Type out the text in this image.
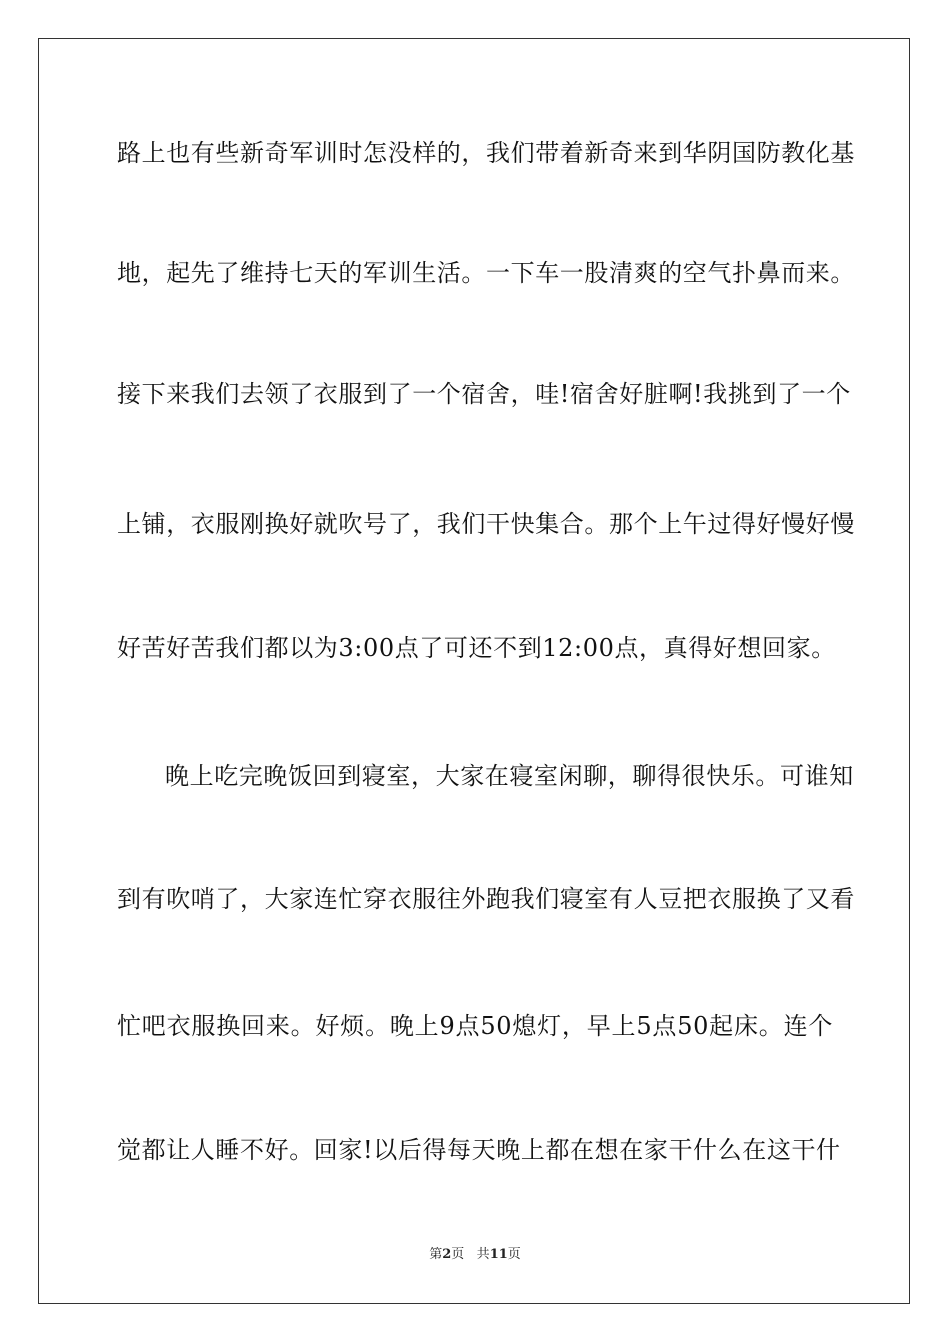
路上也有些新奇军训时怎没样的，我们带着新奇来到华阴国防教化基
地，起先了维持七天的军训生活。一下车一股清爽的空气扑鼻而来。
接下来我们去领了衣服到了一个宿舍，哇!宿舍好脏啊!我挑到了一个
上铺，衣服刚换好就吹号了，我们干快集合。那个上午过得好慢好慢
好苦好苦我们都以为3:00点了可还不到12:00点，真得好想回家。
晚上吃完晚饭回到寝室，大家在寝室闲聊，聊得很快乐。可谁知
到有吹哨了，大家连忙穿衣服往外跑我们寝室有人豆把衣服换了又看
忙吧衣服换回来。好烦。晚上9点50熄灯，早上5点50起床。连个
觉都让人睡不好。回家!以后得每天晚上都在想在家干什么在这干什
第2页 共11页
